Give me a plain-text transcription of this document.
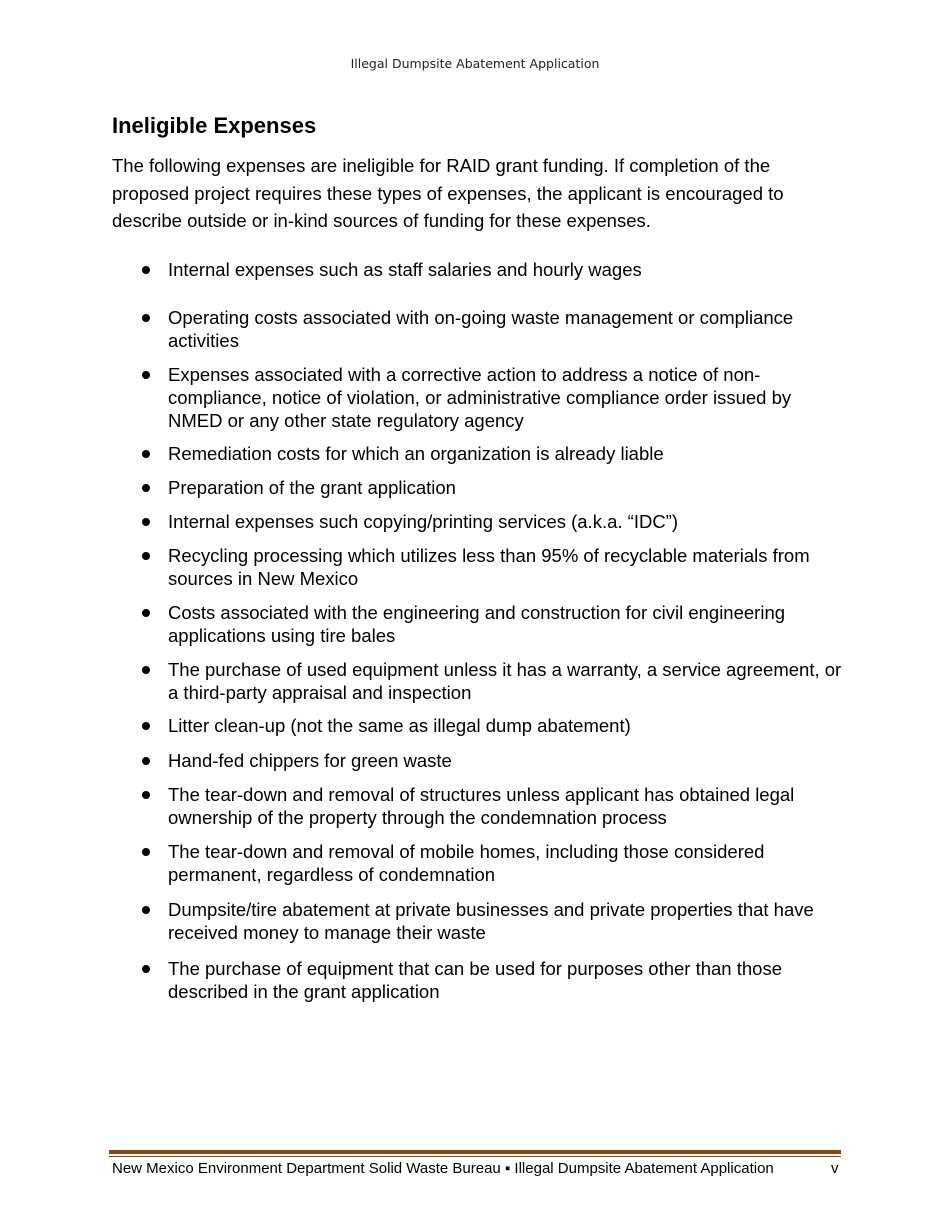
Illegal Dumpsite Abatement Application
Ineligible Expenses

The following expenses are ineligible for RAID grant funding. If completion of the proposed project requires these types of expenses, the applicant is encouraged to describe outside or in-kind sources of funding for these expenses.

Internal expenses such as staff salaries and hourly wages
Operating costs associated with on-going waste management or compliance activities
Expenses associated with a corrective action to address a notice of non-compliance, notice of violation, or administrative compliance order issued by NMED or any other state regulatory agency
Remediation costs for which an organization is already liable
Preparation of the grant application
Internal expenses such copying/printing services (a.k.a. “IDC”)
Recycling processing which utilizes less than 95% of recyclable materials from sources in New Mexico
Costs associated with the engineering and construction for civil engineering applications using tire bales
The purchase of used equipment unless it has a warranty, a service agreement, or a third-party appraisal and inspection
Litter clean-up (not the same as illegal dump abatement)
Hand-fed chippers for green waste
The tear-down and removal of structures unless applicant has obtained legal ownership of the property through the condemnation process
The tear-down and removal of mobile homes, including those considered permanent, regardless of condemnation
Dumpsite/tire abatement at private businesses and private properties that have received money to manage their waste
The purchase of equipment that can be used for purposes other than those described in the grant application
New Mexico Environment Department Solid Waste Bureau ▪ Illegal Dumpsite Abatement Application	v
